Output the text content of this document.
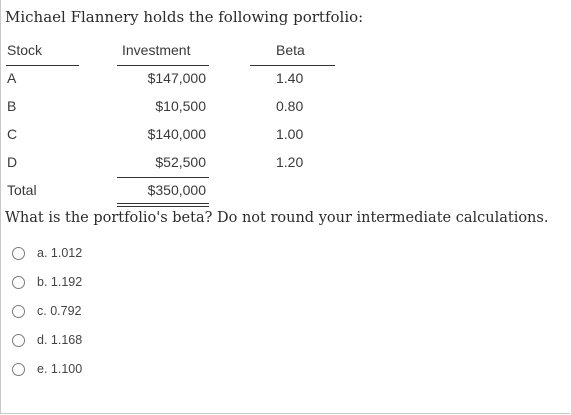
Michael Flannery holds the following portfolio:
Stock	Investment	Beta
A	$147,000	1.40
B	$10,500	0.80
C	$140,000	1.00
D	$52,500	1.20
Total	$350,000
What is the portfolio's beta? Do not round your intermediate calculations.
a. 1.012
b. 1.192
c. 0.792
d. 1.168
e. 1.100
